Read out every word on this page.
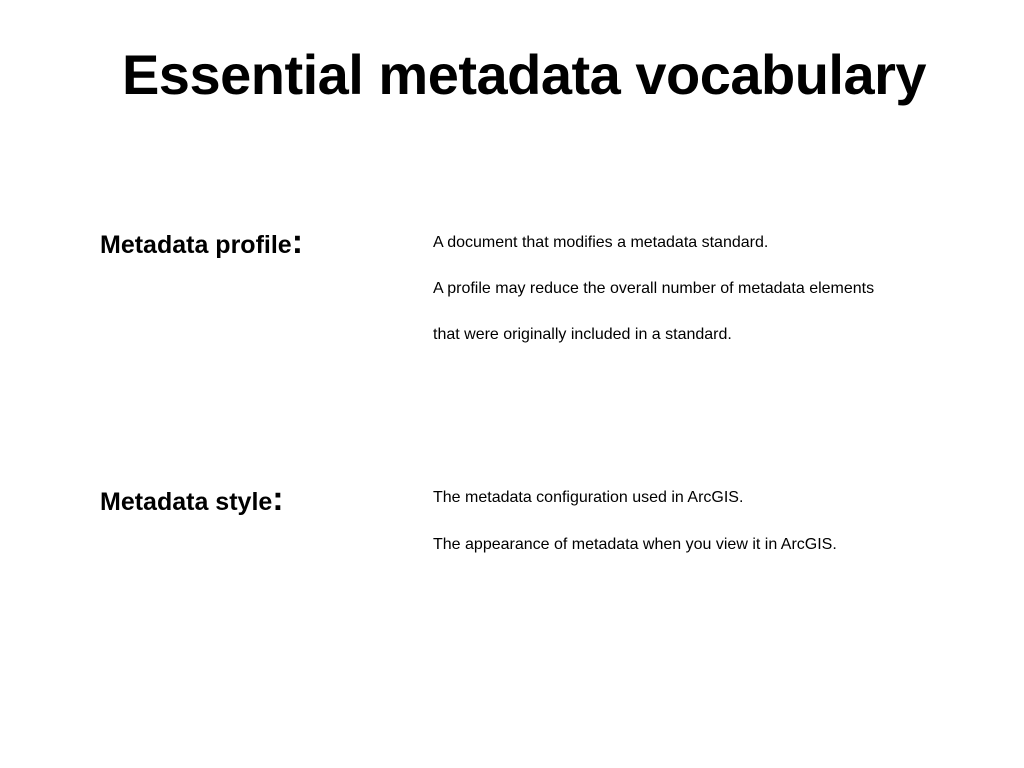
Essential metadata vocabulary
Metadata profile:	A document that modifies a metadata standard.
A profile may reduce the overall number of metadata elements
that were originally included in a standard.
Metadata style:	The metadata configuration used in ArcGIS.
The appearance of metadata when you view it in ArcGIS.
